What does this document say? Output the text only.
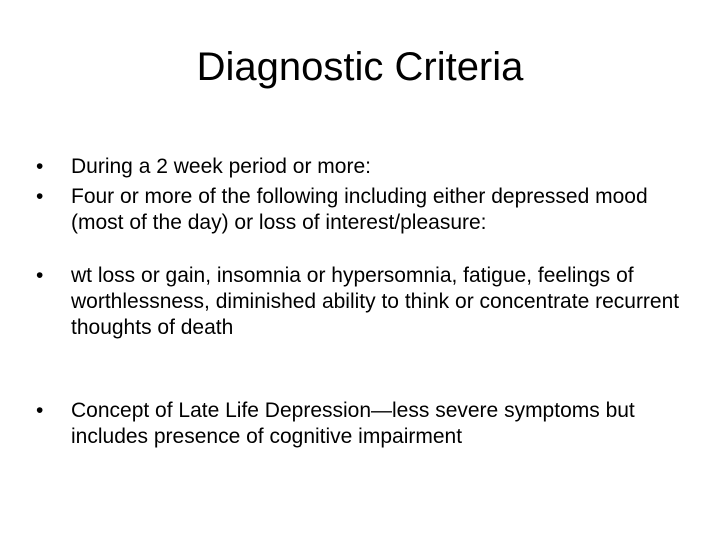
Diagnostic Criteria
•	During a 2 week period or more:
•	Four or more of the following including either depressed mood (most of the day) or loss of interest/pleasure:
•	wt loss or gain, insomnia or hypersomnia, fatigue, feelings of worthlessness, diminished ability to think or concentrate recurrent thoughts of death
•	Concept of Late Life Depression—less severe symptoms but includes presence of cognitive impairment
